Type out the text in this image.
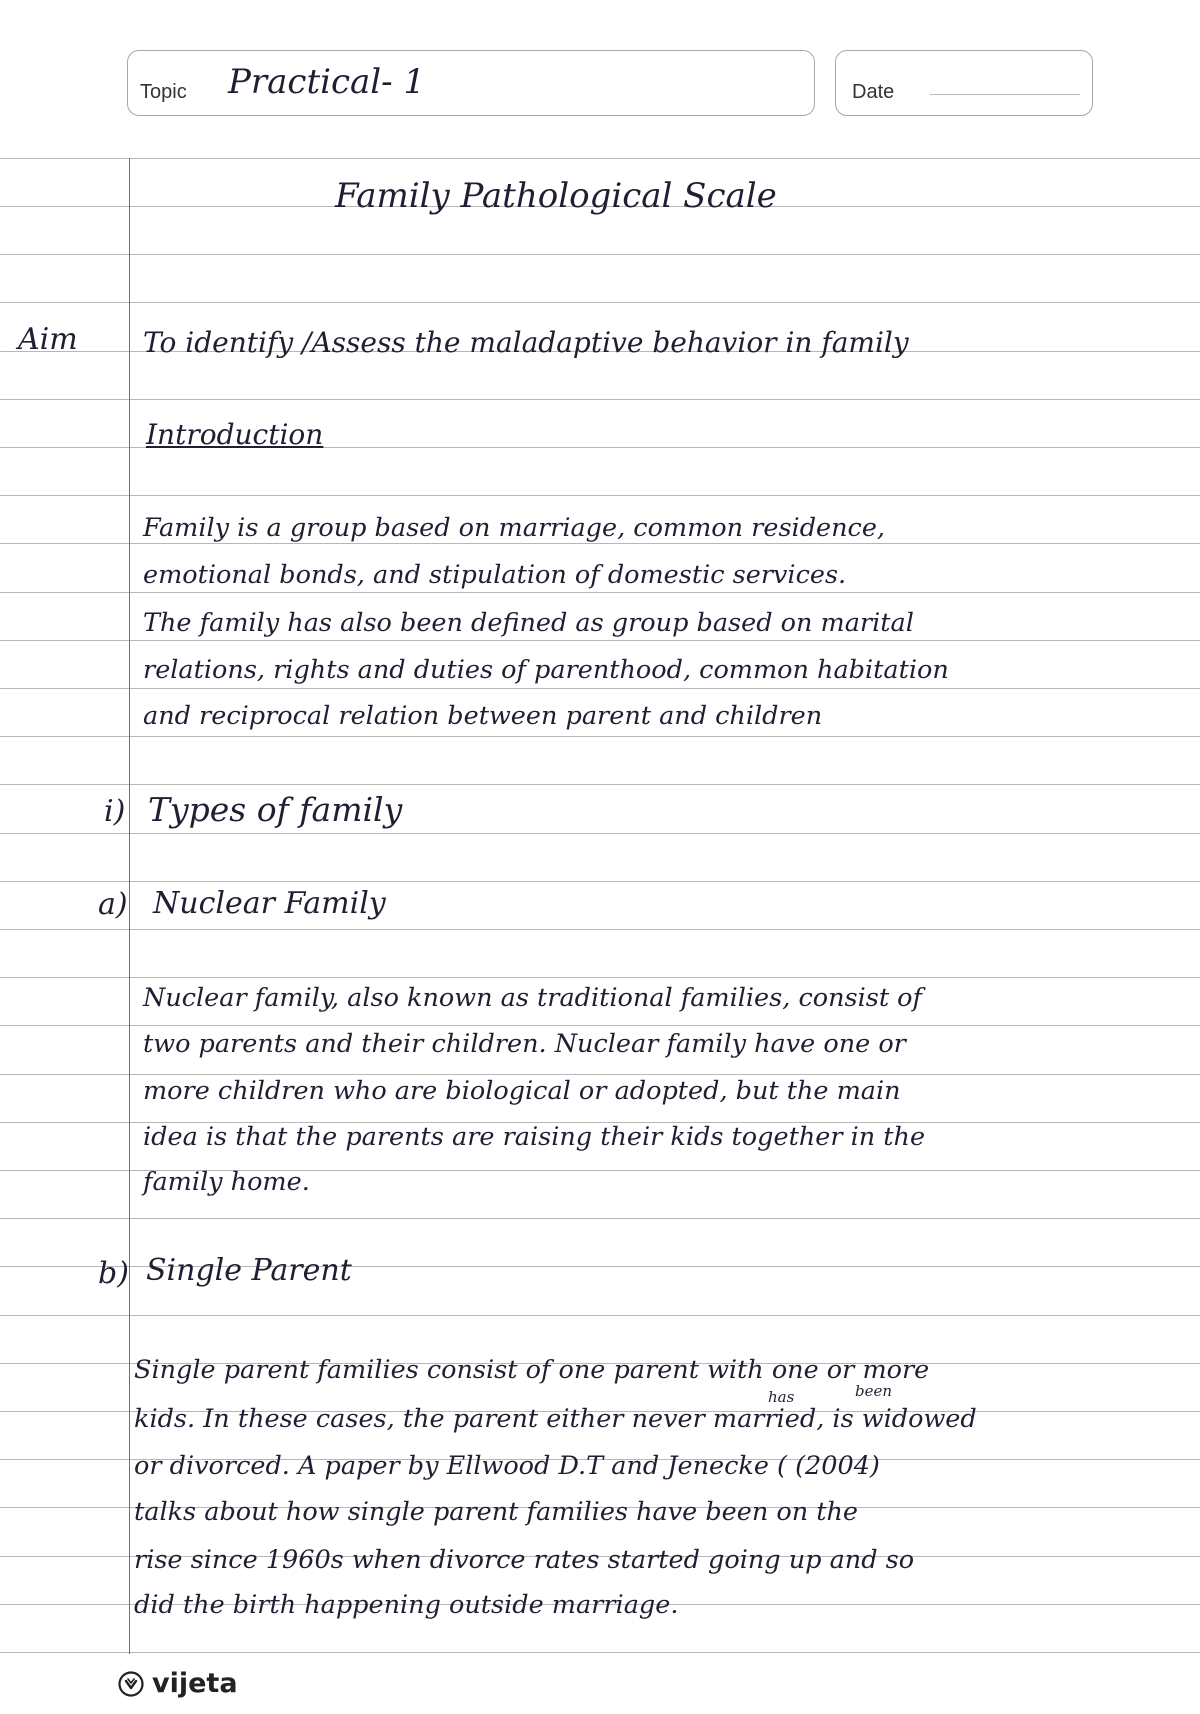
Topic Practical- 1	Date
Family Pathological Scale
Aim To identify /Assess the maladaptive behavior in family
Introduction
Family is a group based on marriage, common residence,
emotional bonds, and stipulation of domestic services.
The family has also been defined as group based on marital
relations, rights and duties of parenthood, common habitation
and reciprocal relation between parent and children
i) Types of family
a) Nuclear Family
Nuclear family, also known as traditional families, consist of
two parents and their children. Nuclear family have one or
more children who are biological or adopted, but the main
idea is that the parents are raising their kids together in the
family home.
b) Single Parent
Single parent families consist of one parent with one or more
kids. In these cases, the parent either never married, is widowed
has	been
or divorced. A paper by Ellwood D.T and Jenecke ( (2004)
talks about how single parent families have been on the
rise since 1960s when divorce rates started going up and so
did the birth happening outside marriage.
vijeta
